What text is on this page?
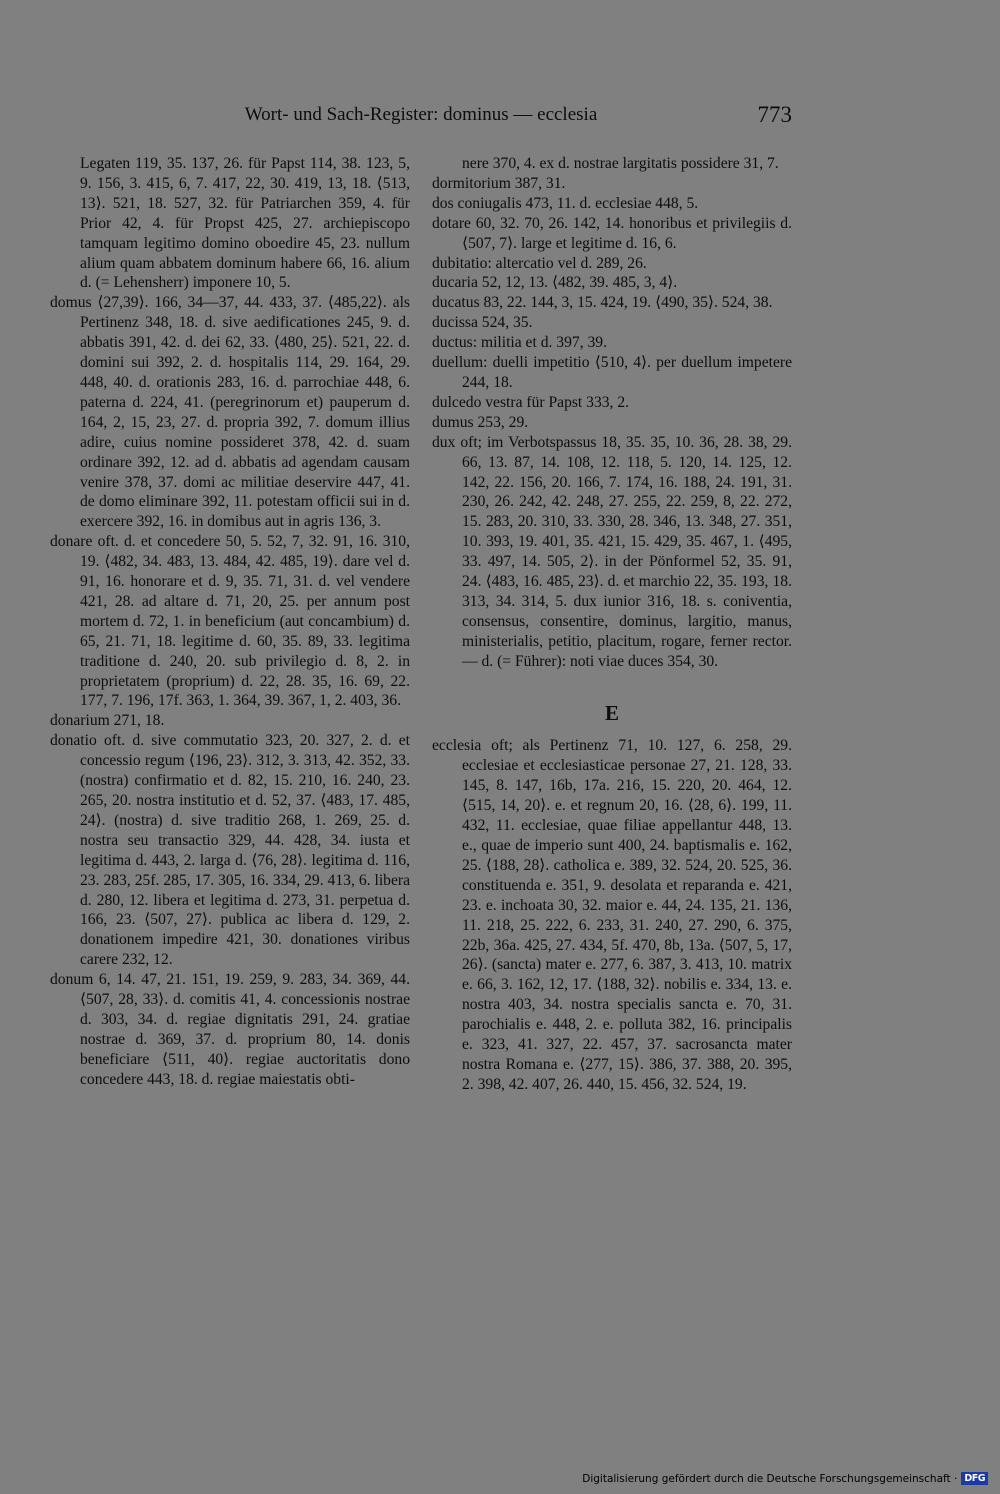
Wort- und Sach-Register: dominus — ecclesia	773

Legaten 119, 35. 137, 26. für Papst 114, 38. 123, 5, 9. 156, 3. 415, 6, 7. 417, 22, 30. 419, 13, 18. ⟨513, 13⟩. 521, 18. 527, 32. für Patriarchen 359, 4. für Prior 42, 4. für Propst 425, 27. archiepiscopo tamquam legitimo domino oboedire 45, 23. nullum alium quam abbatem dominum habere 66, 16. alium d. (= Lehensherr) imponere 10, 5.

domus ⟨27,39⟩. 166, 34—37, 44. 433, 37. ⟨485,22⟩. als Pertinenz 348, 18. d. sive aedificationes 245, 9. d. abbatis 391, 42. d. dei 62, 33. ⟨480, 25⟩. 521, 22. d. domini sui 392, 2. d. hospitalis 114, 29. 164, 29. 448, 40. d. orationis 283, 16. d. parrochiae 448, 6. paterna d. 224, 41. (peregrinorum et) pauperum d. 164, 2, 15, 23, 27. d. propria 392, 7. domum illius adire, cuius nomine possideret 378, 42. d. suam ordinare 392, 12. ad d. abbatis ad agendam causam venire 378, 37. domi ac militiae deservire 447, 41. de domo eliminare 392, 11. potestam officii sui in d. exercere 392, 16. in domibus aut in agris 136, 3.

donare oft. d. et concedere 50, 5. 52, 7, 32. 91, 16. 310, 19. ⟨482, 34. 483, 13. 484, 42. 485, 19⟩. dare vel d. 91, 16. honorare et d. 9, 35. 71, 31. d. vel vendere 421, 28. ad altare d. 71, 20, 25. per annum post mortem d. 72, 1. in beneficium (aut concambium) d. 65, 21. 71, 18. legitime d. 60, 35. 89, 33. legitima traditione d. 240, 20. sub privilegio d. 8, 2. in proprietatem (proprium) d. 22, 28. 35, 16. 69, 22. 177, 7. 196, 17f. 363, 1. 364, 39. 367, 1, 2. 403, 36.

donarium 271, 18.

donatio oft. d. sive commutatio 323, 20. 327, 2. d. et concessio regum ⟨196, 23⟩. 312, 3. 313, 42. 352, 33. (nostra) confirmatio et d. 82, 15. 210, 16. 240, 23. 265, 20. nostra institutio et d. 52, 37. ⟨483, 17. 485, 24⟩. (nostra) d. sive traditio 268, 1. 269, 25. d. nostra seu transactio 329, 44. 428, 34. iusta et legitima d. 443, 2. larga d. ⟨76, 28⟩. legitima d. 116, 23. 283, 25f. 285, 17. 305, 16. 334, 29. 413, 6. libera d. 280, 12. libera et legitima d. 273, 31. perpetua d. 166, 23. ⟨507, 27⟩. publica ac libera d. 129, 2. donationem impedire 421, 30. donationes viribus carere 232, 12.

donum 6, 14. 47, 21. 151, 19. 259, 9. 283, 34. 369, 44. ⟨507, 28, 33⟩. d. comitis 41, 4. concessionis nostrae d. 303, 34. d. regiae dignitatis 291, 24. gratiae nostrae d. 369, 37. d. proprium 80, 14. donis beneficiare ⟨511, 40⟩. regiae auctoritatis dono concedere 443, 18. d. regiae maiestatis obti-

nere 370, 4. ex d. nostrae largitatis possidere 31, 7.

dormitorium 387, 31.

dos coniugalis 473, 11. d. ecclesiae 448, 5.

dotare 60, 32. 70, 26. 142, 14. honoribus et privilegiis d. ⟨507, 7⟩. large et legitime d. 16, 6.

dubitatio: altercatio vel d. 289, 26.

ducaria 52, 12, 13. ⟨482, 39. 485, 3, 4⟩.

ducatus 83, 22. 144, 3, 15. 424, 19. ⟨490, 35⟩. 524, 38.

ducissa 524, 35.

ductus: militia et d. 397, 39.

duellum: duelli impetitio ⟨510, 4⟩. per duellum impetere 244, 18.

dulcedo vestra für Papst 333, 2.

dumus 253, 29.

dux oft; im Verbotspassus 18, 35. 35, 10. 36, 28. 38, 29. 66, 13. 87, 14. 108, 12. 118, 5. 120, 14. 125, 12. 142, 22. 156, 20. 166, 7. 174, 16. 188, 24. 191, 31. 230, 26. 242, 42. 248, 27. 255, 22. 259, 8, 22. 272, 15. 283, 20. 310, 33. 330, 28. 346, 13. 348, 27. 351, 10. 393, 19. 401, 35. 421, 15. 429, 35. 467, 1. ⟨495, 33. 497, 14. 505, 2⟩. in der Pönformel 52, 35. 91, 24. ⟨483, 16. 485, 23⟩. d. et marchio 22, 35. 193, 18. 313, 34. 314, 5. dux iunior 316, 18. s. coniventia, consensus, consentire, dominus, largitio, manus, ministerialis, petitio, placitum, rogare, ferner rector. — d. (= Führer): noti viae duces 354, 30.

E

ecclesia oft; als Pertinenz 71, 10. 127, 6. 258, 29. ecclesiae et ecclesiasticae personae 27, 21. 128, 33. 145, 8. 147, 16b, 17a. 216, 15. 220, 20. 464, 12. ⟨515, 14, 20⟩. e. et regnum 20, 16. ⟨28, 6⟩. 199, 11. 432, 11. ecclesiae, quae filiae appellantur 448, 13. e., quae de imperio sunt 400, 24. baptismalis e. 162, 25. ⟨188, 28⟩. catholica e. 389, 32. 524, 20. 525, 36. constituenda e. 351, 9. desolata et reparanda e. 421, 23. e. inchoata 30, 32. maior e. 44, 24. 135, 21. 136, 11. 218, 25. 222, 6. 233, 31. 240, 27. 290, 6. 375, 22b, 36a. 425, 27. 434, 5f. 470, 8b, 13a. ⟨507, 5, 17, 26⟩. (sancta) mater e. 277, 6. 387, 3. 413, 10. matrix e. 66, 3. 162, 12, 17. ⟨188, 32⟩. nobilis e. 334, 13. e. nostra 403, 34. nostra specialis sancta e. 70, 31. parochialis e. 448, 2. e. polluta 382, 16. principalis e. 323, 41. 327, 22. 457, 37. sacrosancta mater nostra Romana e. ⟨277, 15⟩. 386, 37. 388, 20. 395, 2. 398, 42. 407, 26. 440, 15. 456, 32. 524, 19.

Digitalisierung gefördert durch die Deutsche Forschungsgemeinschaft · DFG
